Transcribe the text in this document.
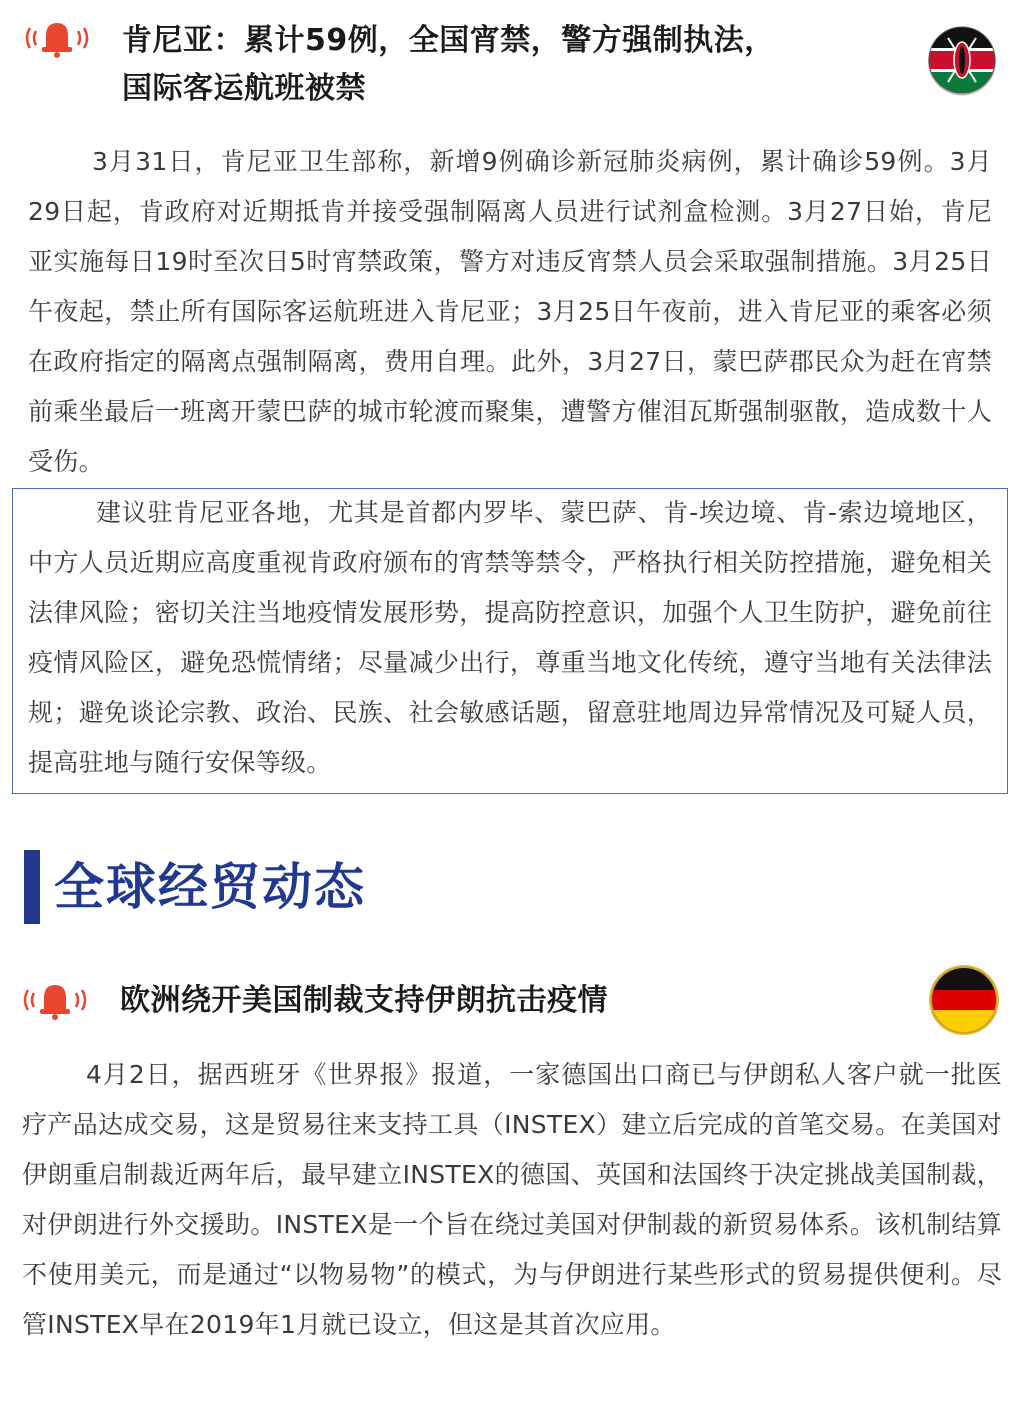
肯尼亚：累计59例，全国宵禁，警方强制执法，
国际客运航班被禁

3月31日，肯尼亚卫生部称，新增9例确诊新冠肺炎病例，累计确诊59例。3月29日起，肯政府对近期抵肯并接受强制隔离人员进行试剂盒检测。3月27日始，肯尼亚实施每日19时至次日5时宵禁政策，警方对违反宵禁人员会采取强制措施。3月25日午夜起，禁止所有国际客运航班进入肯尼亚；3月25日午夜前，进入肯尼亚的乘客必须在政府指定的隔离点强制隔离，费用自理。此外，3月27日，蒙巴萨郡民众为赶在宵禁前乘坐最后一班离开蒙巴萨的城市轮渡而聚集，遭警方催泪瓦斯强制驱散，造成数十人受伤。

建议驻肯尼亚各地，尤其是首都内罗毕、蒙巴萨、肯-埃边境、肯-索边境地区，中方人员近期应高度重视肯政府颁布的宵禁等禁令，严格执行相关防控措施，避免相关法律风险；密切关注当地疫情发展形势，提高防控意识，加强个人卫生防护，避免前往疫情风险区，避免恐慌情绪；尽量减少出行，尊重当地文化传统，遵守当地有关法律法规；避免谈论宗教、政治、民族、社会敏感话题，留意驻地周边异常情况及可疑人员，提高驻地与随行安保等级。

全球经贸动态
欧洲绕开美国制裁支持伊朗抗击疫情

4月2日，据西班牙《世界报》报道，一家德国出口商已与伊朗私人客户就一批医疗产品达成交易，这是贸易往来支持工具（INSTEX）建立后完成的首笔交易。在美国对伊朗重启制裁近两年后，最早建立INSTEX的德国、英国和法国终于决定挑战美国制裁，对伊朗进行外交援助。INSTEX是一个旨在绕过美国对伊制裁的新贸易体系。该机制结算不使用美元，而是通过“以物易物”的模式，为与伊朗进行某些形式的贸易提供便利。尽管INSTEX早在2019年1月就已设立，但这是其首次应用。
